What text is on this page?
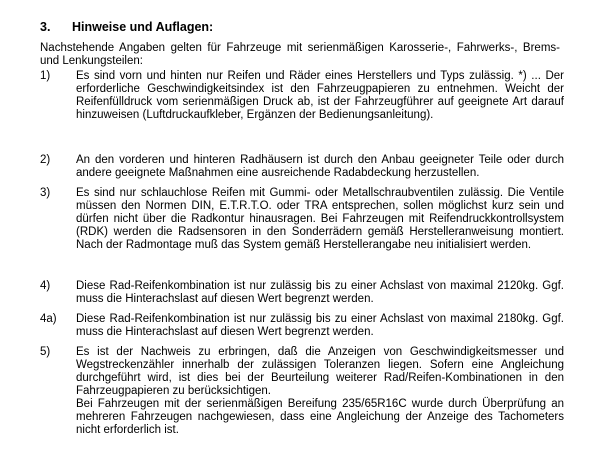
3. Hinweise und Auflagen:
Nachstehende Angaben gelten für Fahrzeuge mit serienmäßigen Karosserie-, Fahrwerks-, Brems- und Lenkungsteilen:
1)	Es sind vorn und hinten nur Reifen und Räder eines Herstellers und Typs zulässig. *) ... Der erforderliche Geschwindigkeitsindex ist den Fahrzeugpapieren zu entnehmen. Weicht der Reifenfülldruck vom serienmäßigen Druck ab, ist der Fahrzeugführer auf geeignete Art darauf hinzuweisen (Luftdruckaufkleber, Ergänzen der Bedienungsanleitung).
2)	An den vorderen und hinteren Radhäusern ist durch den Anbau geeigneter Teile oder durch andere geeignete Maßnahmen eine ausreichende Radabdeckung herzustellen.
3)	Es sind nur schlauchlose Reifen mit Gummi- oder Metallschraubventilen zulässig. Die Ventile müssen den Normen DIN, E.T.R.T.O. oder TRA entsprechen, sollen möglichst kurz sein und dürfen nicht über die Radkontur hinausragen. Bei Fahrzeugen mit Reifendruckkontrollsystem (RDK) werden die Radsensoren in den Sonderrädern gemäß Herstelleranweisung montiert. Nach der Radmontage muß das System gemäß Herstellerangabe neu initialisiert werden.
4)	Diese Rad-Reifenkombination ist nur zulässig bis zu einer Achslast von maximal 2120kg. Ggf. muss die Hinterachslast auf diesen Wert begrenzt werden.
4a)	Diese Rad-Reifenkombination ist nur zulässig bis zu einer Achslast von maximal 2180kg. Ggf. muss die Hinterachslast auf diesen Wert begrenzt werden.
5)	Es ist der Nachweis zu erbringen, daß die Anzeigen von Geschwindigkeitsmesser und Wegstreckenzähler innerhalb der zulässigen Toleranzen liegen. Sofern eine Angleichung durchgeführt wird, ist dies bei der Beurteilung weiterer Rad/Reifen-Kombinationen in den Fahrzeugpapieren zu berücksichtigen.

Bei Fahrzeugen mit der serienmäßigen Bereifung 235/65R16C wurde durch Überprüfung an mehreren Fahrzeugen nachgewiesen, dass eine Angleichung der Anzeige des Tachometers nicht erforderlich ist.
